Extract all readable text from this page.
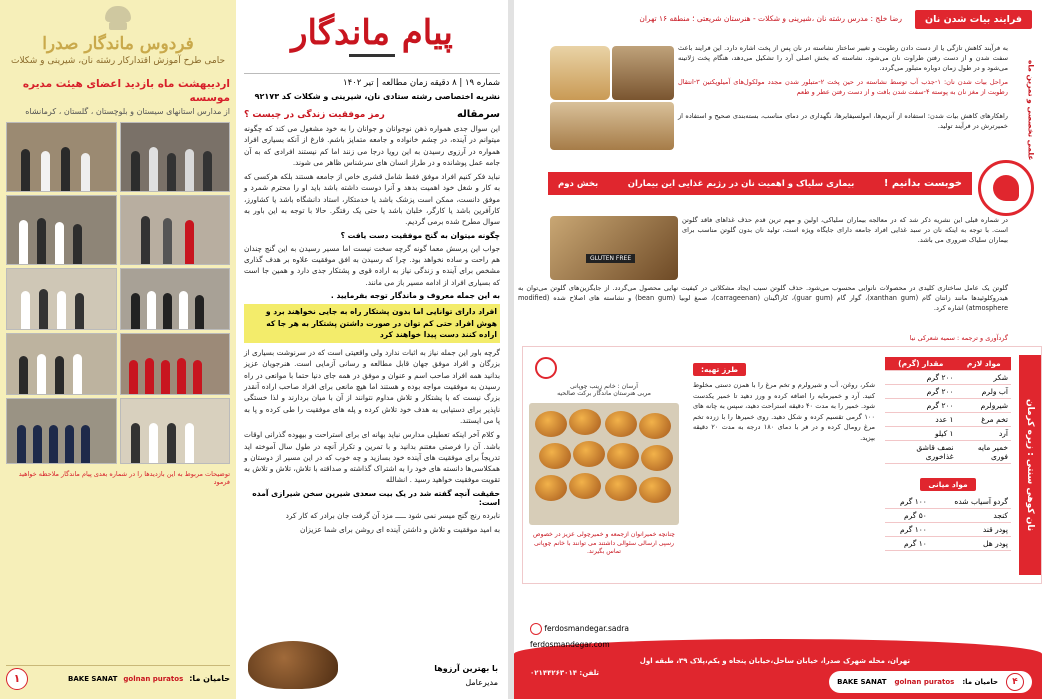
فردوس ماندگار صدرا
حامی طرح آموزش اقتدارکار رشته نان، شیرینی و شکلات
اردیبهشت ماه بازدید اعضای هیئت مدیره موسسه
از مدارس استانهای سیستان و بلوچستان ، گلستان ، کرمانشاه
توضیحات مربوط به این بازدیدها را در شماره بعدی پیام ماندگار ملاحظه خواهید فرمود
حامیان ما:
golnan puratos
BAKE SANAT
۱
پیام ماندگار
شماره ۱۹ | ۸ دقیقه زمان مطالعه | تیر ۱۴۰۲
نشریه اختصاصی رشته ستادی نان، شیرینی و شکلات کد ۹۲۱۷۳
سرمقاله
رمز موفقیت زندگی در چیست ؟
این سوال جدی همواره ذهن نوجوانان و جوانان را به خود مشغول می کند که چگونه میتوانم در آینده، در چشم خانواده و جامعه متمایز باشم. فارغ از آنکه بسیاری افراد همواره در آرزوی رسیدن به این رویا درجا می زنند اما کم نیستند افرادی که به آن جامه عمل پوشانده و در طراز انسان های سرشناس ظاهر می شوند.
نباید فکر کنیم افراد موفق فقط شامل قشری خاص از جامعه هستند بلکه هرکسی که به کار و شغل خود اهمیت بدهد و آنرا دوست داشته باشد باید او را محترم شمرد و موفق دانست، ممکن است پزشک باشد یا خدمتکار، استاد دانشگاه باشد یا کشاورز، کارآفرین باشد یا کارگر، خلبان باشد یا حتی یک رفتگر. حالا با توجه به این باور به سوال مطرح شده برمی گردیم.
چگونه میتوان به گنج موفقیت دست یافت ؟
جواب این پرسش معما گونه گرچه سخت نیست اما مسیر رسیدن به این گنج چندان هم راحت و ساده نخواهد بود. چرا که رسیدن به افق موفقیت علاوه بر هدف گذاری مشخص برای آینده و زندگی نیاز به اراده قوی و پشتکار جدی دارد و همین جا است که بسیاری افراد از ادامه مسیر باز می مانند.
به این جمله معروف و ماندگار توجه بفرمایید .
افراد دارای توانایی اما بدون پشتکار راه به جایی نخواهند برد و هوش افراد حتی کم توان در صورت داشتن پشتکار به هر جا که اراده کنند دست پیدا خواهند کرد
گرچه باور این جمله نیاز به اثبات ندارد ولی واقعیتی است که در سرنوشت بسیاری از بزرگان و افراد موفق جهان قابل مطالعه و رسانی آزمایی است. هنرجویان عزیز بدانید همه افراد صاحب اسم و عنوان و موفق در همه جای دنیا حتما با موانعی در راه رسیدن به موفقیت مواجه بوده و هستند اما هیچ مانعی برای افراد صاحب اراده آنقدر بزرگ نیست که با پشتکار و تلاش مداوم نتوانند از آن با میان بردارند و لذا خستگی ناپذیر برای دستیابی به هدف خود تلاش کرده و پله های موفقیت را طی کرده و پا به پا می ایستند.
و کلام آخر اینکه تعطیلی مدارس نباید بهانه ای برای استراحت و بیهوده گذرانی اوقات باشد. آن را فرصتی مغتنم بدانید و با تمرین و تکرار آنچه در طول سال آموخته اید تدریجاً برای موفقیت های آینده خود بسازید و چه خوب که در این مسیر از دوستان و همکلاسی‌ها دانسته های خود را به اشتراک گذاشته و صداقته با تلاش، تلاش و تلاش به تقویت موفقیت خواهید رسید . انشالله
حقیقت آنچه گفته شد در یک بیت سعدی شیرین سخن شیرازی آمده است:
نابرده رنج گنج میسر نمی شود ـــــ مزد آن گرفت جان برادر که کار کرد
به امید موفقیت و تلاش و داشتن آینده ای روشن برای شما عزیزان
با بهترین آرزوها
مدیرعامل
فرایند بیات شدن نان
رضا خلج : مدرس رشته نان ،شیرینی و شکلات - هنرستان شریعتی ؛ منطقه ۱۶ تهران
به فرآیند کاهش تازگی یا از دست دادن رطوبت و تغییر ساختار نشاسته در نان پس از پخت اشاره دارد. این فرایند باعث سفت شدن و از دست رفتن طراوت نان می‌شود. نشاسته که بخش اصلی آرد را تشکیل می‌دهد، هنگام پخت ژلاتینه می‌شود و در طول زمان دوباره متبلور می‌گردد.
مراحل بیات شدن نان: ۱-جذب آب توسط نشاسته در حین پخت ۲-متبلور شدن مجدد مولکول‌های آمیلوپکتین ۳-انتقال رطوبت از مغز نان به پوسته ۴-سفت شدن بافت و از دست رفتن عطر و طعم
راهکارهای کاهش بیات شدن: استفاده از آنزیم‌ها، امولسیفایرها، نگهداری در دمای مناسب، بسته‌بندی صحیح و استفاده از خمیرترش در فرآیند تولید.	علمی تخصصی و تمرین ماه
خوبست بدانیم !
بیماری سلیاک و اهمیت نان در رژیم غذایی این بیماران
بخش دوم
GLUTEN FREE
در شماره قبلی این نشریه ذکر شد که در معالجه بیماران سلیاکی، اولین و مهم ترین قدم حذف غذاهای فاقد گلوتن است. با توجه به اینکه نان در سبد غذایی افراد جامعه دارای جایگاه ویژه است، تولید نان بدون گلوتن مناسب برای بیماران سلیاک ضروری می باشد.
گلوتن یک عامل ساختاری کلیدی در محصولات نانوایی محسوب می‌شود. حذف گلوتن سبب ایجاد مشکلاتی در کیفیت نهایی محصول می‌گردد. از جایگزین‌های گلوتن می‌توان به هیدروکلوئیدها مانند زانتان گام (xanthan gum)، گوار گام (guar gum)، کاراگینان (carrageenan)، صمغ لوبیا (bean gum) و نشاسته های اصلاح شده (modified atmosphere) اشاره کرد.
گردآوری و ترجمه : سمیه شعرکی نیا
نان کوهی سنتی : زیره کرمان
مواد لازم	مقدار (گرم)
شکر	۲۰۰ گرم
آب ولرم	۲۰۰ گرم
شیرولرم	۲۰۰ گرم
تخم مرغ	۱ عدد
آرد	۱ کیلو
خمیر مایه فوری	نصف قاشق غذاخوری
مواد میانی
گردو آسیاب شده	۱۰۰ گرم
کنجد	۵۰ گرم
پودر قند	۱۰۰ گرم
پودر هل	۱۰ گرم
طرز تهیه:
شکر، روغن، آب و شیرولرم و تخم مرغ را با همزن دستی مخلوط کنید. آرد و خمیرمایه را اضافه کرده و ورز دهید تا خمیر یکدست شود. خمیر را به مدت ۴۰ دقیقه استراحت دهید، سپس به چانه های ۱۰۰ گرمی تقسیم کرده و شکل دهید. روی خمیرها را با زرده تخم مرغ رومال کرده و در فر با دمای ۱۸۰ درجه به مدت ۲۰ دقیقه بپزید.
آرسان : خانم زینب چوپانی
مربی هنرستان ماندگار برکت صالحیه
چنانچه خمیرانوان ازجمعه و خمیرچولی عزیز در خصوص رسپی ارسالی سئوالی داشتند می توانند با خانم چوپانی تماس بگیرند.
ferdosmandegar.sadra
ferdosmandegar.com
تهران، محله شهرک صدرا، خیابان ساحل،خیابان پنجاه و یکم،پلاک ۳۹، طبقه اول
تلفن: ۰۲۱۴۴۲۶۳۰۱۴
۴
حامیان ما:
golnan puratos
BAKE SANAT
